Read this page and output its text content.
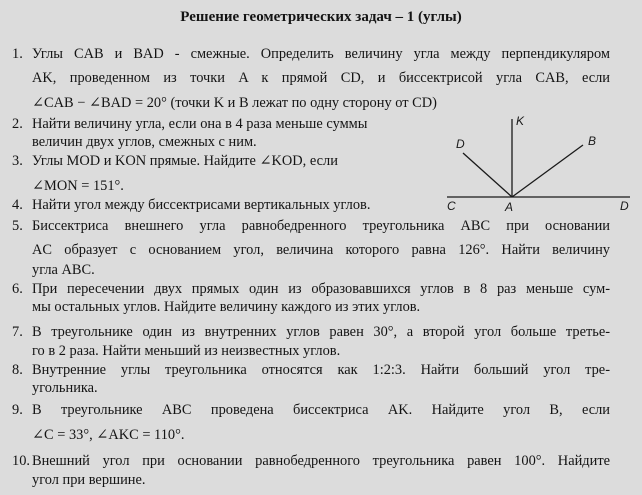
Решение геометрических задач – 1 (углы)
1. Углы CAB и BAD - смежные. Определить величину угла между перпендикуляром
AK, проведенном из точки A к прямой CD, и биссектрисой угла CAB, если
∠CAB − ∠BAD = 20° (точки K и B лежат по одну сторону от CD)
2. Найти величину угла, если она в 4 раза меньше суммы
величин двух углов, смежных с ним.
3. Углы MOD и KON прямые. Найдите ∠KOD, если
∠MON = 151°.
4. Найти угол между биссектрисами вертикальных углов.
5. Биссектриса внешнего угла равнобедренного треугольника ABC при основании
AC образует с основанием угол, величина которого равна 126°. Найти величину
угла ABC.
6. При пересечении двух прямых один из образовавшихся углов в 8 раз меньше сум-
мы остальных углов. Найдите величину каждого из этих углов.
7. В треугольнике один из внутренних углов равен 30°, а второй угол больше третье-
го в 2 раза. Найти меньший из неизвестных углов.
8. Внутренние углы треугольника относятся как 1:2:3. Найти больший угол тре-
угольника.
9. В треугольнике ABC проведена биссектриса AK. Найдите угол B, если
∠C = 33°, ∠AKC = 110°.
10. Внешний угол при основании равнобедренного треугольника равен 100°. Найдите
угол при вершине.
D
K
B
C	A	D
